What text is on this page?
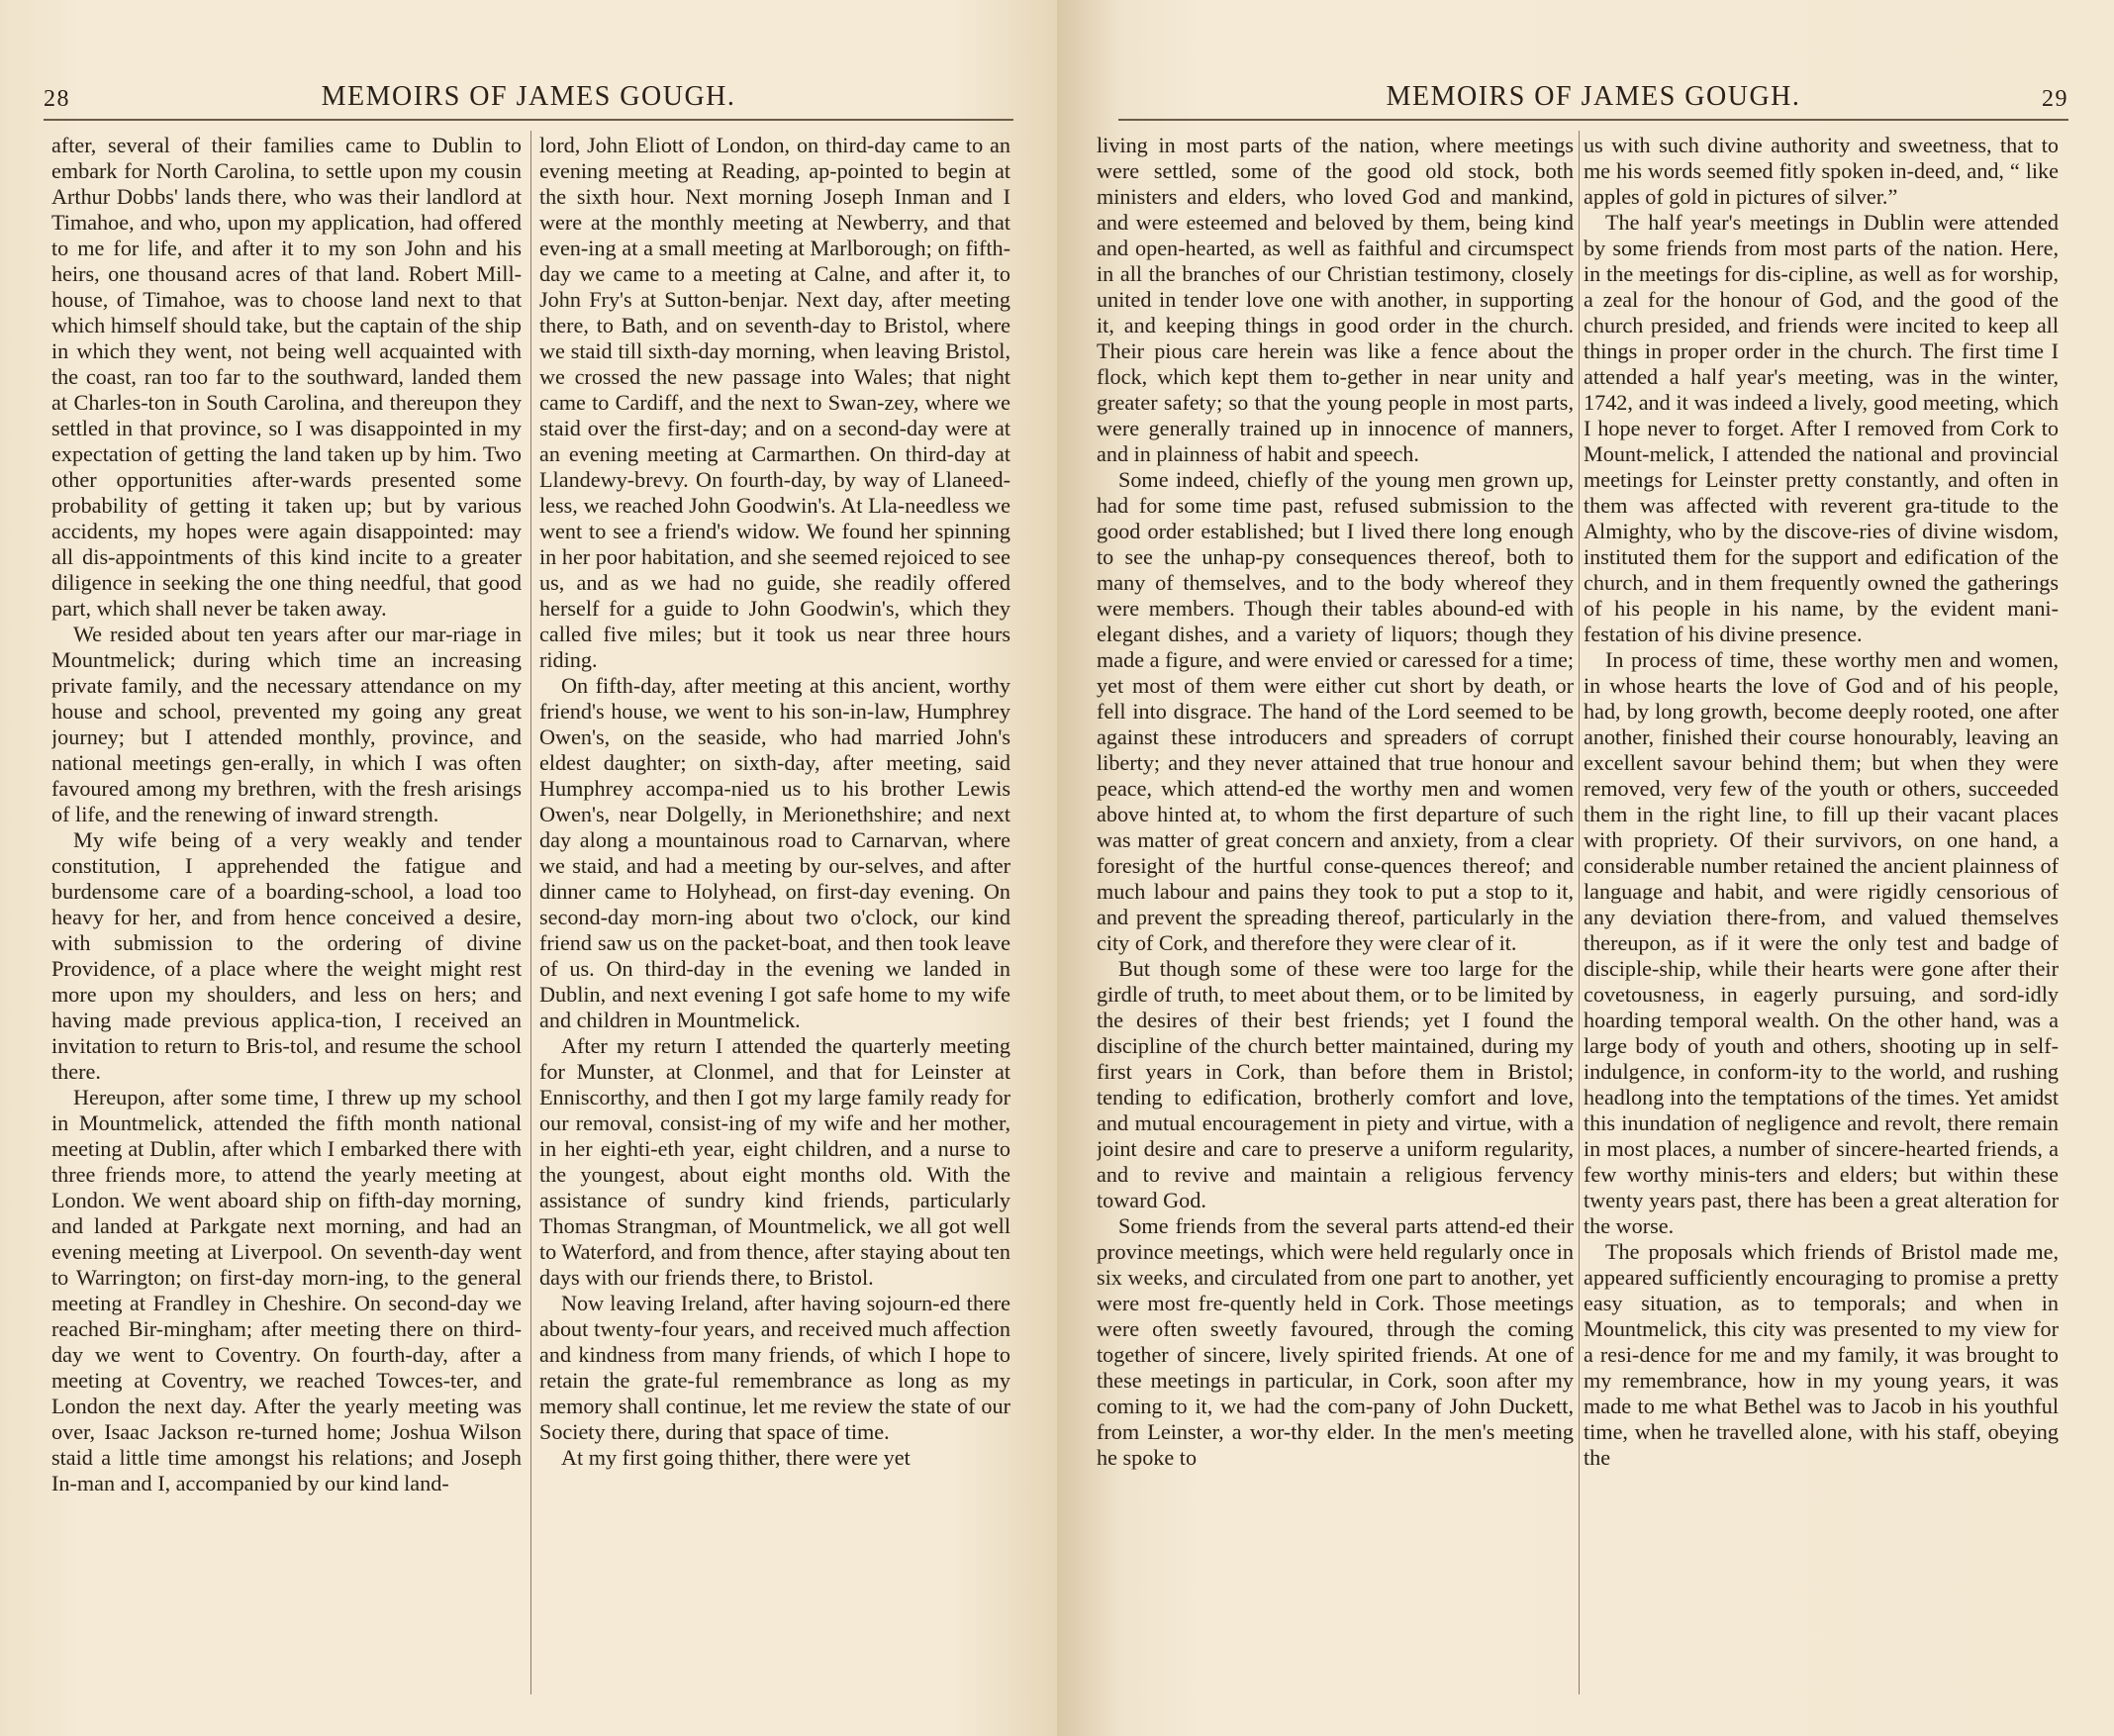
28	MEMOIRS OF JAMES GOUGH.

after, several of their families came to Dublin to embark for North Carolina, to settle upon my cousin Arthur Dobbs' lands there, who was their landlord at Timahoe, and who, upon my application, had offered to me for life, and after it to my son John and his heirs, one thousand acres of that land. Robert Mill-house, of Timahoe, was to choose land next to that which himself should take, but the captain of the ship in which they went, not being well acquainted with the coast, ran too far to the southward, landed them at Charles-ton in South Carolina, and thereupon they settled in that province, so I was disappointed in my expectation of getting the land taken up by him. Two other opportunities after-wards presented some probability of getting it taken up; but by various accidents, my hopes were again disappointed: may all dis-appointments of this kind incite to a greater diligence in seeking the one thing needful, that good part, which shall never be taken away.

We resided about ten years after our mar-riage in Mountmelick; during which time an increasing private family, and the necessary attendance on my house and school, prevented my going any great journey; but I attended monthly, province, and national meetings gen-erally, in which I was often favoured among my brethren, with the fresh arisings of life, and the renewing of inward strength.

My wife being of a very weakly and tender constitution, I apprehended the fatigue and burdensome care of a boarding-school, a load too heavy for her, and from hence conceived a desire, with submission to the ordering of divine Providence, of a place where the weight might rest more upon my shoulders, and less on hers; and having made previous applica-tion, I received an invitation to return to Bris-tol, and resume the school there.

Hereupon, after some time, I threw up my school in Mountmelick, attended the fifth month national meeting at Dublin, after which I embarked there with three friends more, to attend the yearly meeting at London. We went aboard ship on fifth-day morning, and landed at Parkgate next morning, and had an evening meeting at Liverpool. On seventh-day went to Warrington; on first-day morn-ing, to the general meeting at Frandley in Cheshire. On second-day we reached Bir-mingham; after meeting there on third-day we went to Coventry. On fourth-day, after a meeting at Coventry, we reached Towces-ter, and London the next day. After the yearly meeting was over, Isaac Jackson re-turned home; Joshua Wilson staid a little time amongst his relations; and Joseph In-man and I, accompanied by our kind land-

lord, John Eliott of London, on third-day came to an evening meeting at Reading, ap-pointed to begin at the sixth hour. Next morning Joseph Inman and I were at the monthly meeting at Newberry, and that even-ing at a small meeting at Marlborough; on fifth-day we came to a meeting at Calne, and after it, to John Fry's at Sutton-benjar. Next day, after meeting there, to Bath, and on seventh-day to Bristol, where we staid till sixth-day morning, when leaving Bristol, we crossed the new passage into Wales; that night came to Cardiff, and the next to Swan-zey, where we staid over the first-day; and on a second-day were at an evening meeting at Carmarthen. On third-day at Llandewy-brevy. On fourth-day, by way of Llaneed-less, we reached John Goodwin's. At Lla-needless we went to see a friend's widow. We found her spinning in her poor habitation, and she seemed rejoiced to see us, and as we had no guide, she readily offered herself for a guide to John Goodwin's, which they called five miles; but it took us near three hours riding.

On fifth-day, after meeting at this ancient, worthy friend's house, we went to his son-in-law, Humphrey Owen's, on the seaside, who had married John's eldest daughter; on sixth-day, after meeting, said Humphrey accompa-nied us to his brother Lewis Owen's, near Dolgelly, in Merionethshire; and next day along a mountainous road to Carnarvan, where we staid, and had a meeting by our-selves, and after dinner came to Holyhead, on first-day evening. On second-day morn-ing about two o'clock, our kind friend saw us on the packet-boat, and then took leave of us. On third-day in the evening we landed in Dublin, and next evening I got safe home to my wife and children in Mountmelick.

After my return I attended the quarterly meeting for Munster, at Clonmel, and that for Leinster at Enniscorthy, and then I got my large family ready for our removal, consist-ing of my wife and her mother, in her eighti-eth year, eight children, and a nurse to the youngest, about eight months old. With the assistance of sundry kind friends, particularly Thomas Strangman, of Mountmelick, we all got well to Waterford, and from thence, after staying about ten days with our friends there, to Bristol.

Now leaving Ireland, after having sojourn-ed there about twenty-four years, and received much affection and kindness from many friends, of which I hope to retain the grate-ful remembrance as long as my memory shall continue, let me review the state of our Society there, during that space of time.

At my first going thither, there were yet

MEMOIRS OF JAMES GOUGH.	29

living in most parts of the nation, where meetings were settled, some of the good old stock, both ministers and elders, who loved God and mankind, and were esteemed and beloved by them, being kind and open-hearted, as well as faithful and circumspect in all the branches of our Christian testimony, closely united in tender love one with another, in supporting it, and keeping things in good order in the church. Their pious care herein was like a fence about the flock, which kept them to-gether in near unity and greater safety; so that the young people in most parts, were generally trained up in innocence of manners, and in plainness of habit and speech.

Some indeed, chiefly of the young men grown up, had for some time past, refused submission to the good order established; but I lived there long enough to see the unhap-py consequences thereof, both to many of themselves, and to the body whereof they were members. Though their tables abound-ed with elegant dishes, and a variety of liquors; though they made a figure, and were envied or caressed for a time; yet most of them were either cut short by death, or fell into disgrace. The hand of the Lord seemed to be against these introducers and spreaders of corrupt liberty; and they never attained that true honour and peace, which attend-ed the worthy men and women above hinted at, to whom the first departure of such was matter of great concern and anxiety, from a clear foresight of the hurtful conse-quences thereof; and much labour and pains they took to put a stop to it, and prevent the spreading thereof, particularly in the city of Cork, and therefore they were clear of it.

But though some of these were too large for the girdle of truth, to meet about them, or to be limited by the desires of their best friends; yet I found the discipline of the church better maintained, during my first years in Cork, than before them in Bristol; tending to edification, brotherly comfort and love, and mutual encouragement in piety and virtue, with a joint desire and care to preserve a uniform regularity, and to revive and maintain a religious fervency toward God.

Some friends from the several parts attend-ed their province meetings, which were held regularly once in six weeks, and circulated from one part to another, yet were most fre-quently held in Cork. Those meetings were often sweetly favoured, through the coming together of sincere, lively spirited friends. At one of these meetings in particular, in Cork, soon after my coming to it, we had the com-pany of John Duckett, from Leinster, a wor-thy elder. In the men's meeting he spoke to

us with such divine authority and sweetness, that to me his words seemed fitly spoken in-deed, and, “ like apples of gold in pictures of silver.”

The half year's meetings in Dublin were attended by some friends from most parts of the nation. Here, in the meetings for dis-cipline, as well as for worship, a zeal for the honour of God, and the good of the church presided, and friends were incited to keep all things in proper order in the church. The first time I attended a half year's meeting, was in the winter, 1742, and it was indeed a lively, good meeting, which I hope never to forget. After I removed from Cork to Mount-melick, I attended the national and provincial meetings for Leinster pretty constantly, and often in them was affected with reverent gra-titude to the Almighty, who by the discove-ries of divine wisdom, instituted them for the support and edification of the church, and in them frequently owned the gatherings of his people in his name, by the evident mani-festation of his divine presence.

In process of time, these worthy men and women, in whose hearts the love of God and of his people, had, by long growth, become deeply rooted, one after another, finished their course honourably, leaving an excellent savour behind them; but when they were removed, very few of the youth or others, succeeded them in the right line, to fill up their vacant places with propriety. Of their survivors, on one hand, a considerable number retained the ancient plainness of language and habit, and were rigidly censorious of any deviation there-from, and valued themselves thereupon, as if it were the only test and badge of disciple-ship, while their hearts were gone after their covetousness, in eagerly pursuing, and sord-idly hoarding temporal wealth. On the other hand, was a large body of youth and others, shooting up in self-indulgence, in conform-ity to the world, and rushing headlong into the temptations of the times. Yet amidst this inundation of negligence and revolt, there remain in most places, a number of sincere-hearted friends, a few worthy minis-ters and elders; but within these twenty years past, there has been a great alteration for the worse.

The proposals which friends of Bristol made me, appeared sufficiently encouraging to promise a pretty easy situation, as to temporals; and when in Mountmelick, this city was presented to my view for a resi-dence for me and my family, it was brought to my remembrance, how in my young years, it was made to me what Bethel was to Jacob in his youthful time, when he travelled alone, with his staff, obeying the
